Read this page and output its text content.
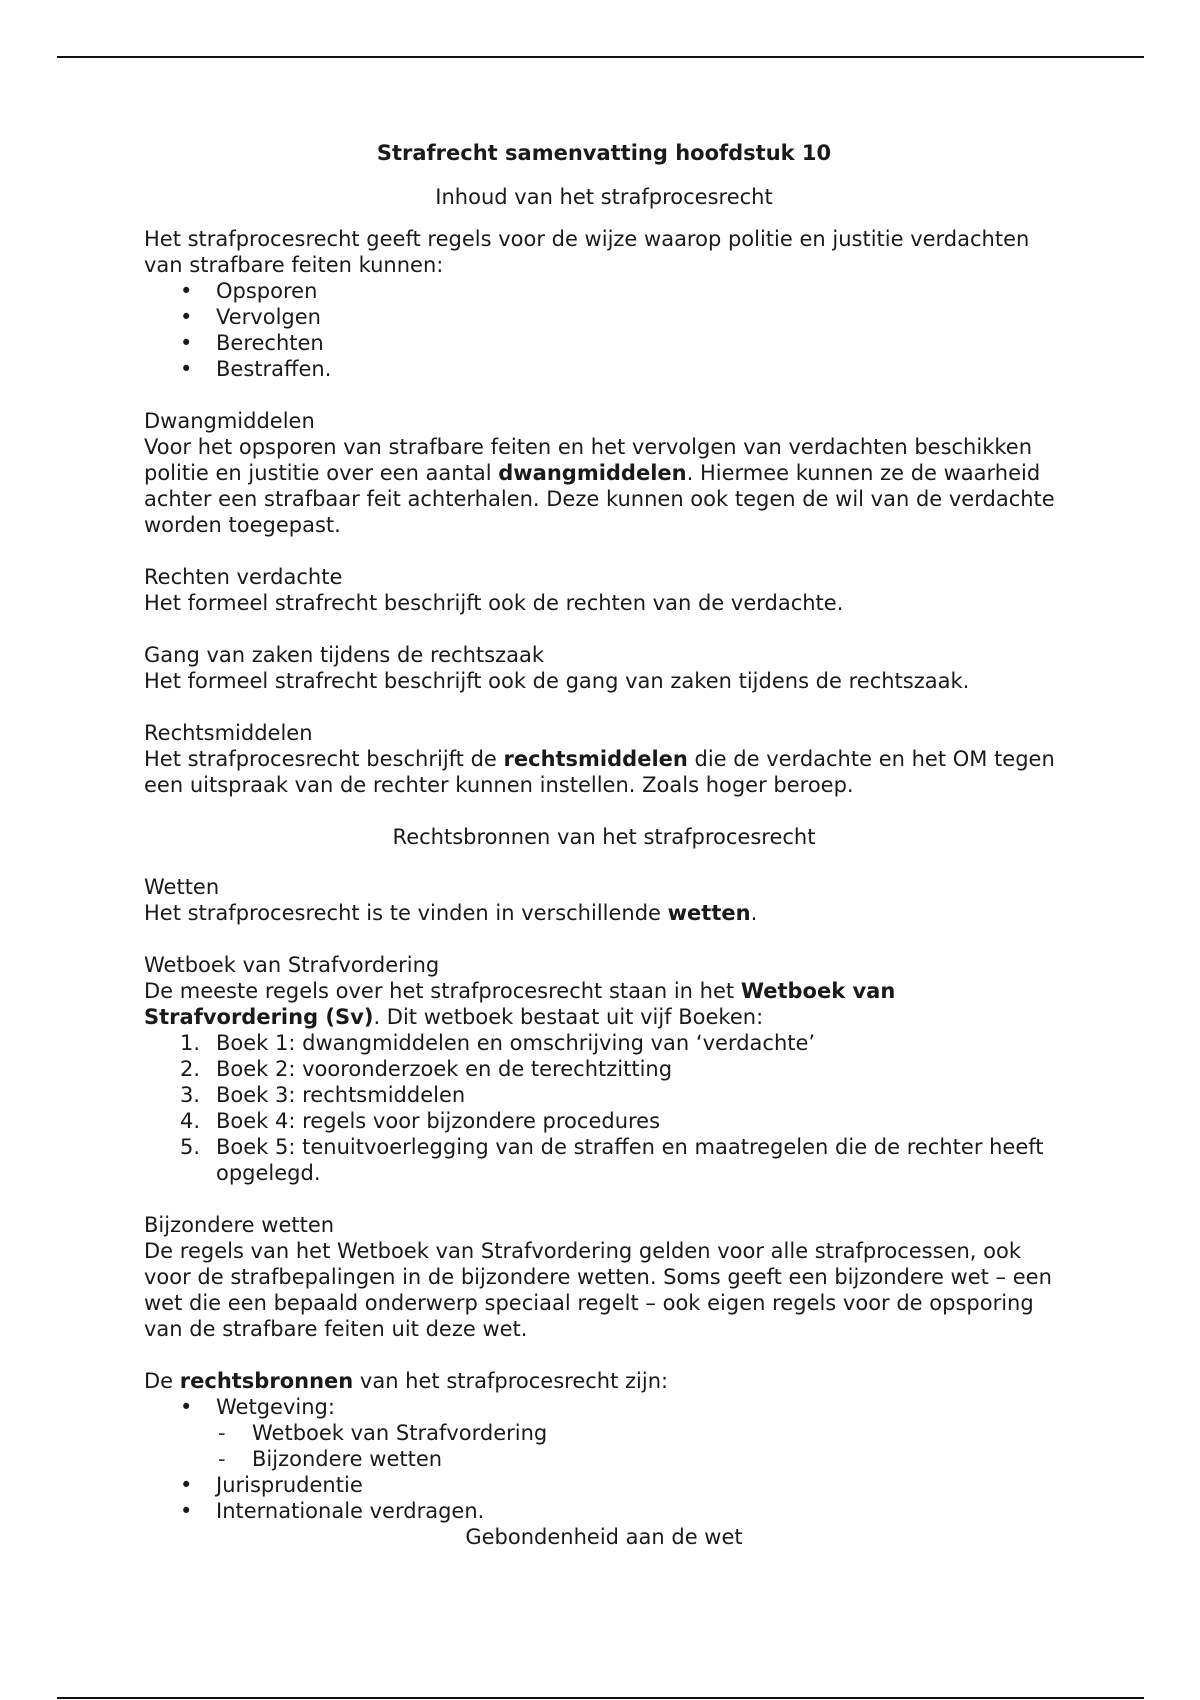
Strafrecht samenvatting hoofdstuk 10
Inhoud van het strafprocesrecht

Het strafprocesrecht geeft regels voor de wijze waarop politie en justitie verdachten van strafbare feiten kunnen:

• Opsporen
• Vervolgen
• Berechten
• Bestraffen.

Dwangmiddelen

Voor het opsporen van strafbare feiten en het vervolgen van verdachten beschikken politie en justitie over een aantal dwangmiddelen. Hiermee kunnen ze de waarheid achter een strafbaar feit achterhalen. Deze kunnen ook tegen de wil van de verdachte worden toegepast.

Rechten verdachte

Het formeel strafrecht beschrijft ook de rechten van de verdachte.

Gang van zaken tijdens de rechtszaak

Het formeel strafrecht beschrijft ook de gang van zaken tijdens de rechtszaak.

Rechtsmiddelen

Het strafprocesrecht beschrijft de rechtsmiddelen die de verdachte en het OM tegen een uitspraak van de rechter kunnen instellen. Zoals hoger beroep.

Rechtsbronnen van het strafprocesrecht

Wetten

Het strafprocesrecht is te vinden in verschillende wetten.

Wetboek van Strafvordering

De meeste regels over het strafprocesrecht staan in het Wetboek van Strafvordering (Sv). Dit wetboek bestaat uit vijf Boeken:

1. Boek 1: dwangmiddelen en omschrijving van ‘verdachte’
2. Boek 2: vooronderzoek en de terechtzitting
3. Boek 3: rechtsmiddelen
4. Boek 4: regels voor bijzondere procedures
5. Boek 5: tenuitvoerlegging van de straffen en maatregelen die de rechter heeft opgelegd.

Bijzondere wetten

De regels van het Wetboek van Strafvordering gelden voor alle strafprocessen, ook voor de strafbepalingen in de bijzondere wetten. Soms geeft een bijzondere wet – een wet die een bepaald onderwerp speciaal regelt – ook eigen regels voor de opsporing van de strafbare feiten uit deze wet.

De rechtsbronnen van het strafprocesrecht zijn:

• Wetgeving:
- Wetboek van Strafvordering
- Bijzondere wetten
• Jurisprudentie
• Internationale verdragen.
Gebondenheid aan de wet
